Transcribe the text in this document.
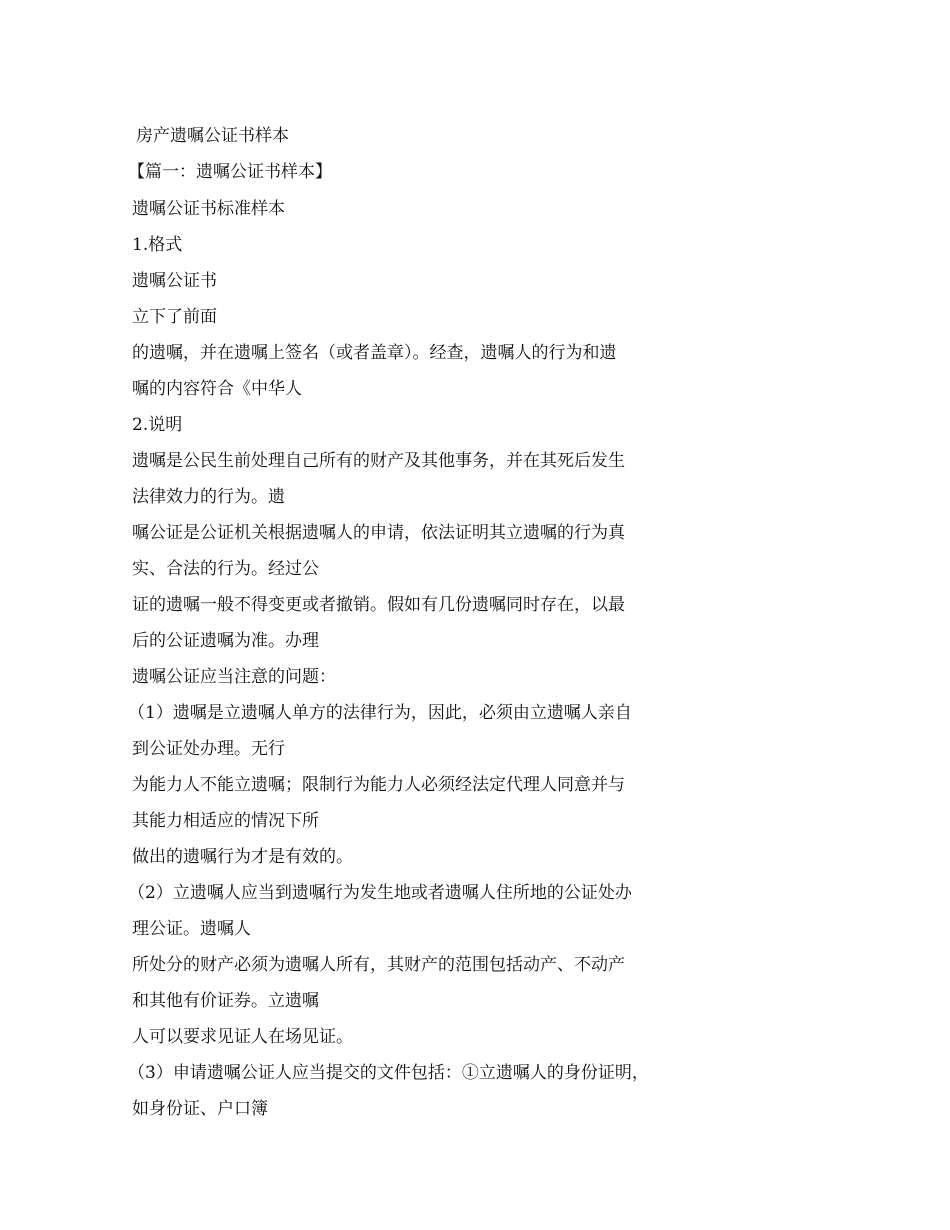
房产遗嘱公证书样本

【篇一：遗嘱公证书样本】

遗嘱公证书标准样本

1.格式

遗嘱公证书

立下了前面

的遗嘱，并在遗嘱上签名（或者盖章）。经查，遗嘱人的行为和遗

嘱的内容符合《中华人

2.说明

遗嘱是公民生前处理自己所有的财产及其他事务，并在其死后发生

法律效力的行为。遗

嘱公证是公证机关根据遗嘱人的申请，依法证明其立遗嘱的行为真

实、合法的行为。经过公

证的遗嘱一般不得变更或者撤销。假如有几份遗嘱同时存在，以最

后的公证遗嘱为准。办理

遗嘱公证应当注意的问题：

（1）遗嘱是立遗嘱人单方的法律行为，因此，必须由立遗嘱人亲自

到公证处办理。无行

为能力人不能立遗嘱；限制行为能力人必须经法定代理人同意并与

其能力相适应的情况下所

做出的遗嘱行为才是有效的。

（2）立遗嘱人应当到遗嘱行为发生地或者遗嘱人住所地的公证处办

理公证。遗嘱人

所处分的财产必须为遗嘱人所有，其财产的范围包括动产、不动产

和其他有价证券。立遗嘱

人可以要求见证人在场见证。

（3）申请遗嘱公证人应当提交的文件包括：①立遗嘱人的身份证明，

如身份证、户口簿
